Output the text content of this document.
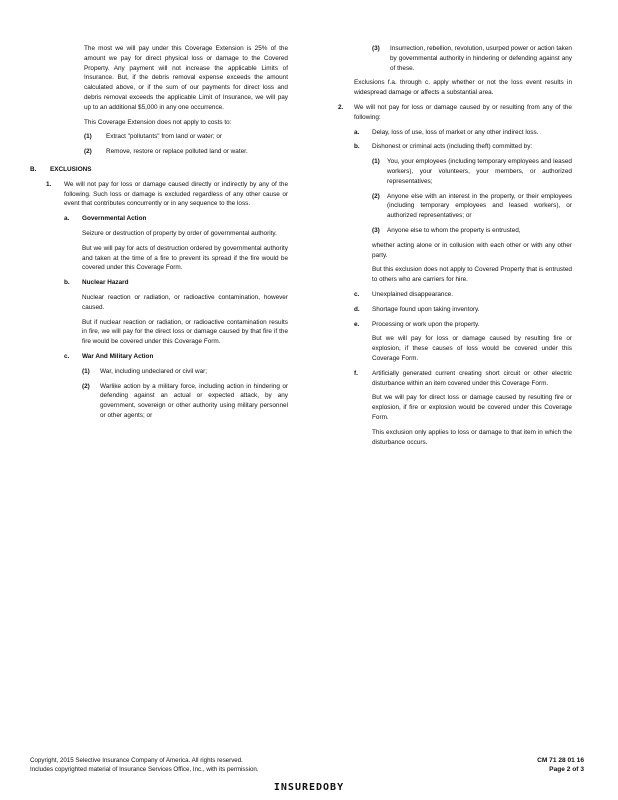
The most we will pay under this Coverage Extension is 25% of the amount we pay for direct physical loss or damage to the Covered Property. Any payment will not increase the applicable Limits of Insurance. But, if the debris removal expense exceeds the amount calculated above, or if the sum of our payments for direct loss and debris removal exceeds the applicable Limit of Insurance, we will pay up to an additional $5,000 in any one occurrence.

This Coverage Extension does not apply to costs to:

(1)	Extract "pollutants" from land or water; or
(2)	Remove, restore or replace polluted land or water.
B.	EXCLUSIONS
1.	We will not pay for loss or damage caused directly or indirectly by any of the following. Such loss or damage is excluded regardless of any other cause or event that contributes concurrently or in any sequence to the loss.
a.	Governmental Action

Seizure or destruction of property by order of governmental authority.

But we will pay for acts of destruction ordered by governmental authority and taken at the time of a fire to prevent its spread if the fire would be covered under this Coverage Form.

b.	Nuclear Hazard

Nuclear reaction or radiation, or radioactive contamination, however caused.

But if nuclear reaction or radiation, or radioactive contamination results in fire, we will pay for the direct loss or damage caused by that fire if the fire would be covered under this Coverage Form.

c.	War And Military Action
(1)	War, including undeclared or civil war;
(2)	Warlike action by a military force, including action in hindering or defending against an actual or expected attack, by any government, sovereign or other authority using military personnel or other agents; or
(3)	Insurrection, rebellion, revolution, usurped power or action taken by governmental authority in hindering or defending against any of these.

Exclusions f.a. through c. apply whether or not the loss event results in widespread damage or affects a substantial area.

2.	We will not pay for loss or damage caused by or resulting from any of the following:
a.	Delay, loss of use, loss of market or any other indirect loss.
b.	Dishonest or criminal acts (including theft) committed by:
(1)	You, your employees (including temporary employees and leased workers), your volunteers, your members, or authorized representatives;
(2)	Anyone else with an interest in the property, or their employees (including temporary employees and leased workers), or authorized representatives; or
(3)	Anyone else to whom the property is entrusted,

whether acting alone or in collusion with each other or with any other party.

But this exclusion does not apply to Covered Property that is entrusted to others who are carriers for hire.

c.	Unexplained disappearance.
d.	Shortage found upon taking inventory.
e.	Processing or work upon the property.

But we will pay for loss or damage caused by resulting fire or explosion, if these causes of loss would be covered under this Coverage Form.

f.	Artificially generated current creating short circuit or other electric disturbance within an item covered under this Coverage Form.

But we will pay for direct loss or damage caused by resulting fire or explosion, if fire or explosion would be covered under this Coverage Form.

This exclusion only applies to loss or damage to that item in which the disturbance occurs.

Copyright, 2015 Selective Insurance Company of America. All rights reserved.
Includes copyrighted material of Insurance Services Office, Inc., with its permission.
CM 71 28 01 16
Page 2 of 3
INSUREDOBY
